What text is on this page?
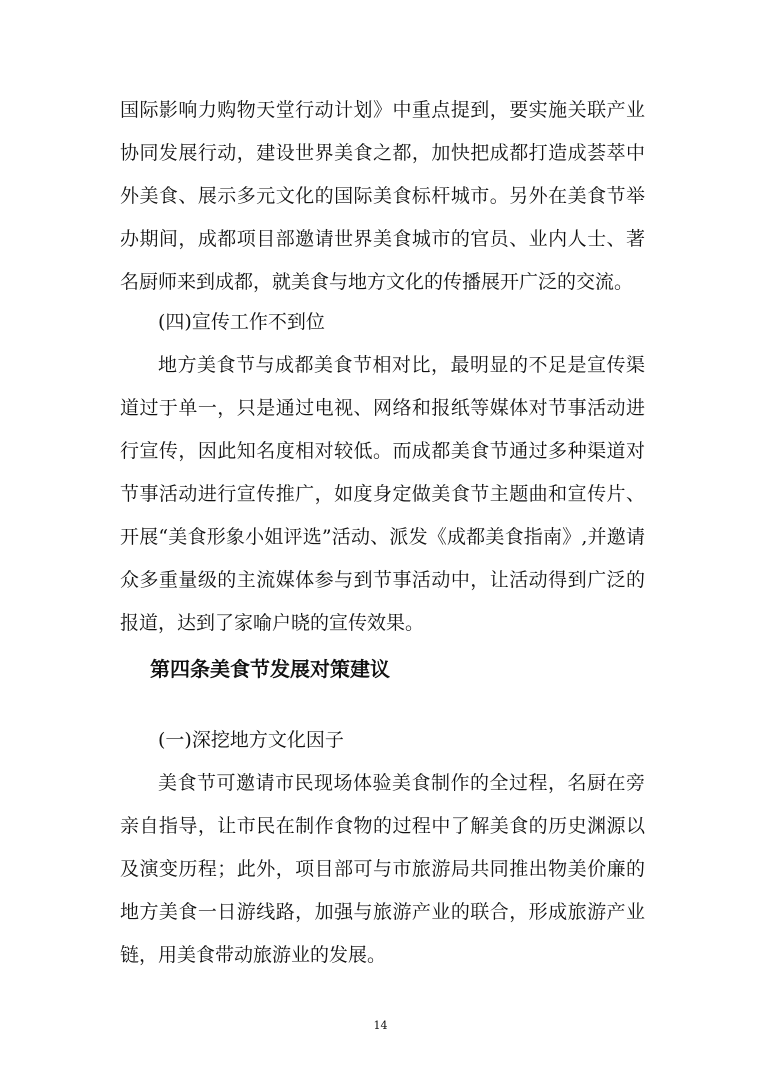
国际影响力购物天堂行动计划》中重点提到，要实施关联产业
协同发展行动，建设世界美食之都，加快把成都打造成荟萃中
外美食、展示多元文化的国际美食标杆城市。另外在美食节举
办期间，成都项目部邀请世界美食城市的官员、业内人士、著
名厨师来到成都，就美食与地方文化的传播展开广泛的交流。
(四)宣传工作不到位
地方美食节与成都美食节相对比，最明显的不足是宣传渠
道过于单一，只是通过电视、网络和报纸等媒体对节事活动进
行宣传，因此知名度相对较低。而成都美食节通过多种渠道对
节事活动进行宣传推广，如度身定做美食节主题曲和宣传片、
开展“美食形象小姐评选”活动、派发《成都美食指南》,并邀请
众多重量级的主流媒体参与到节事活动中，让活动得到广泛的
报道，达到了家喻户晓的宣传效果。
第四条美食节发展对策建议
(一)深挖地方文化因子
美食节可邀请市民现场体验美食制作的全过程，名厨在旁
亲自指导，让市民在制作食物的过程中了解美食的历史渊源以
及演变历程；此外，项目部可与市旅游局共同推出物美价廉的
地方美食一日游线路，加强与旅游产业的联合，形成旅游产业
链，用美食带动旅游业的发展。
14
